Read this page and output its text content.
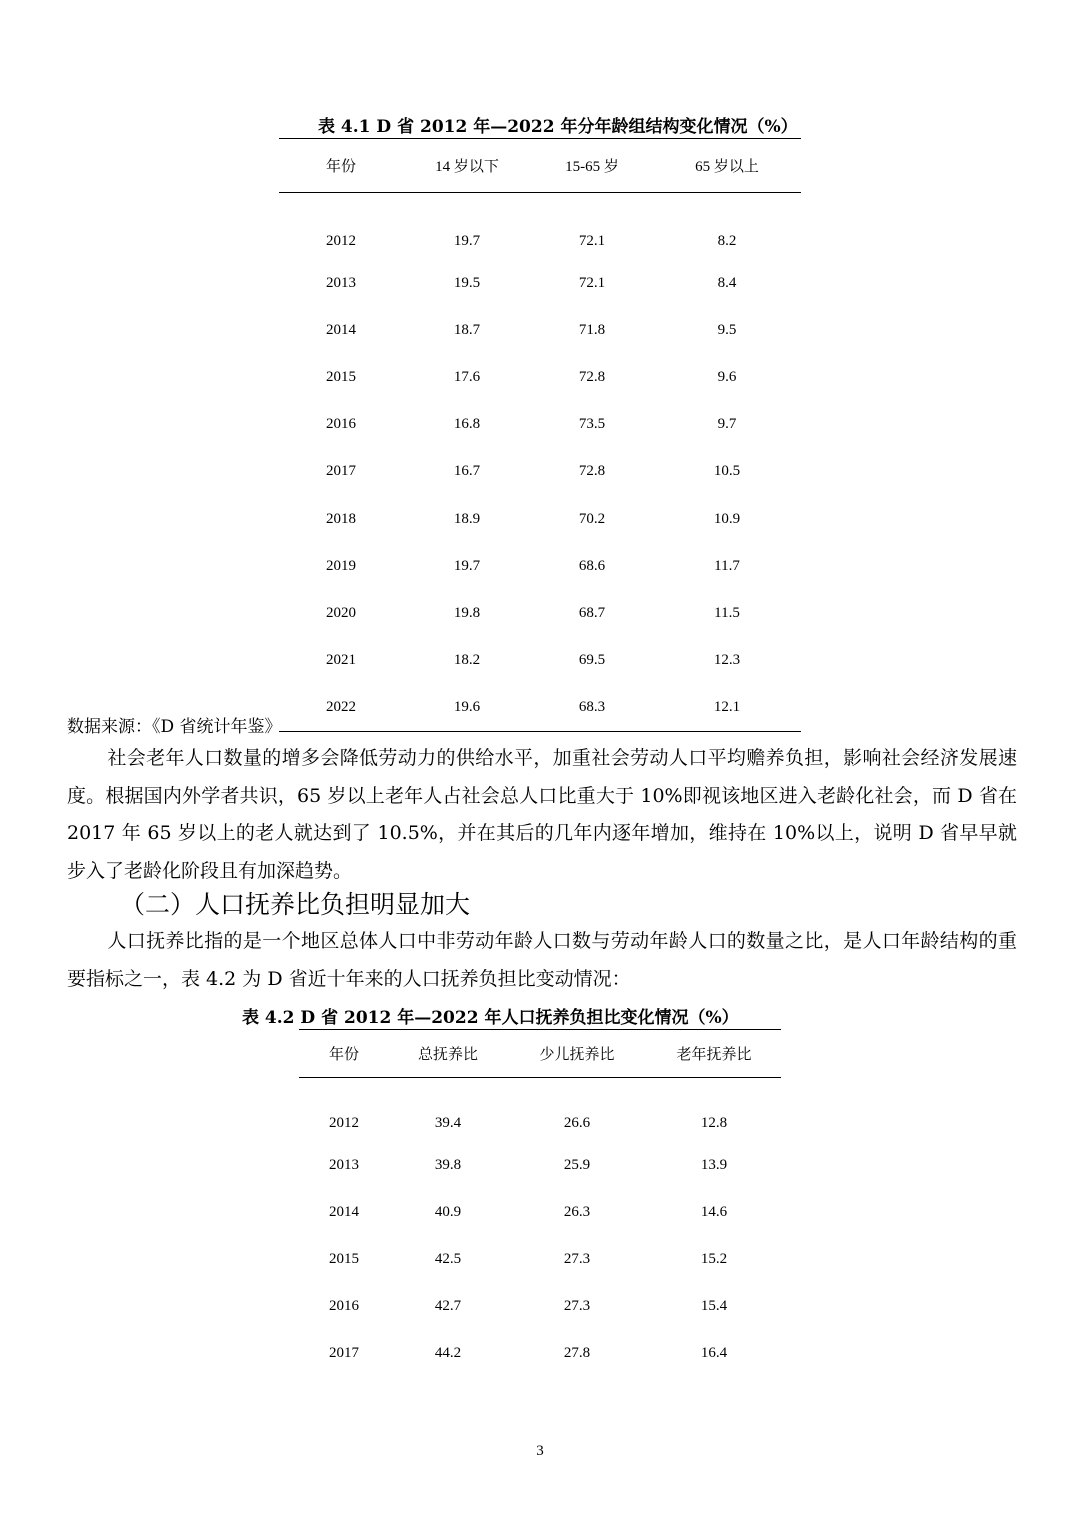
表 4.1 D 省 2012 年—2022 年分年龄组结构变化情况（%）
年份	14 岁以下	15-65 岁	65 岁以上
2012	19.7	72.1	8.2
2013	19.5	72.1	8.4
2014	18.7	71.8	9.5
2015	17.6	72.8	9.6
2016	16.8	73.5	9.7
2017	16.7	72.8	10.5
2018	18.9	70.2	10.9
2019	19.7	68.6	11.7
2020	19.8	68.7	11.5
2021	18.2	69.5	12.3
2022	19.6	68.3	12.1
数据来源：《D 省统计年鉴》
社会老年人口数量的增多会降低劳动力的供给水平，加重社会劳动人口平均赡养负担，影响社会经济发展速度。根据国内外学者共识，65 岁以上老年人占社会总人口比重大于 10%即视该地区进入老龄化社会，而 D 省在 2017 年 65 岁以上的老人就达到了 10.5%，并在其后的几年内逐年增加，维持在 10%以上，说明 D 省早早就步入了老龄化阶段且有加深趋势。
（二）人口抚养比负担明显加大
人口抚养比指的是一个地区总体人口中非劳动年龄人口数与劳动年龄人口的数量之比，是人口年龄结构的重要指标之一，表 4.2 为 D 省近十年来的人口抚养负担比变动情况：
表 4.2 D 省 2012 年—2022 年人口抚养负担比变化情况（%）
年份	总抚养比	少儿抚养比	老年抚养比
2012	39.4	26.6	12.8
2013	39.8	25.9	13.9
2014	40.9	26.3	14.6
2015	42.5	27.3	15.2
2016	42.7	27.3	15.4
2017	44.2	27.8	16.4
3
